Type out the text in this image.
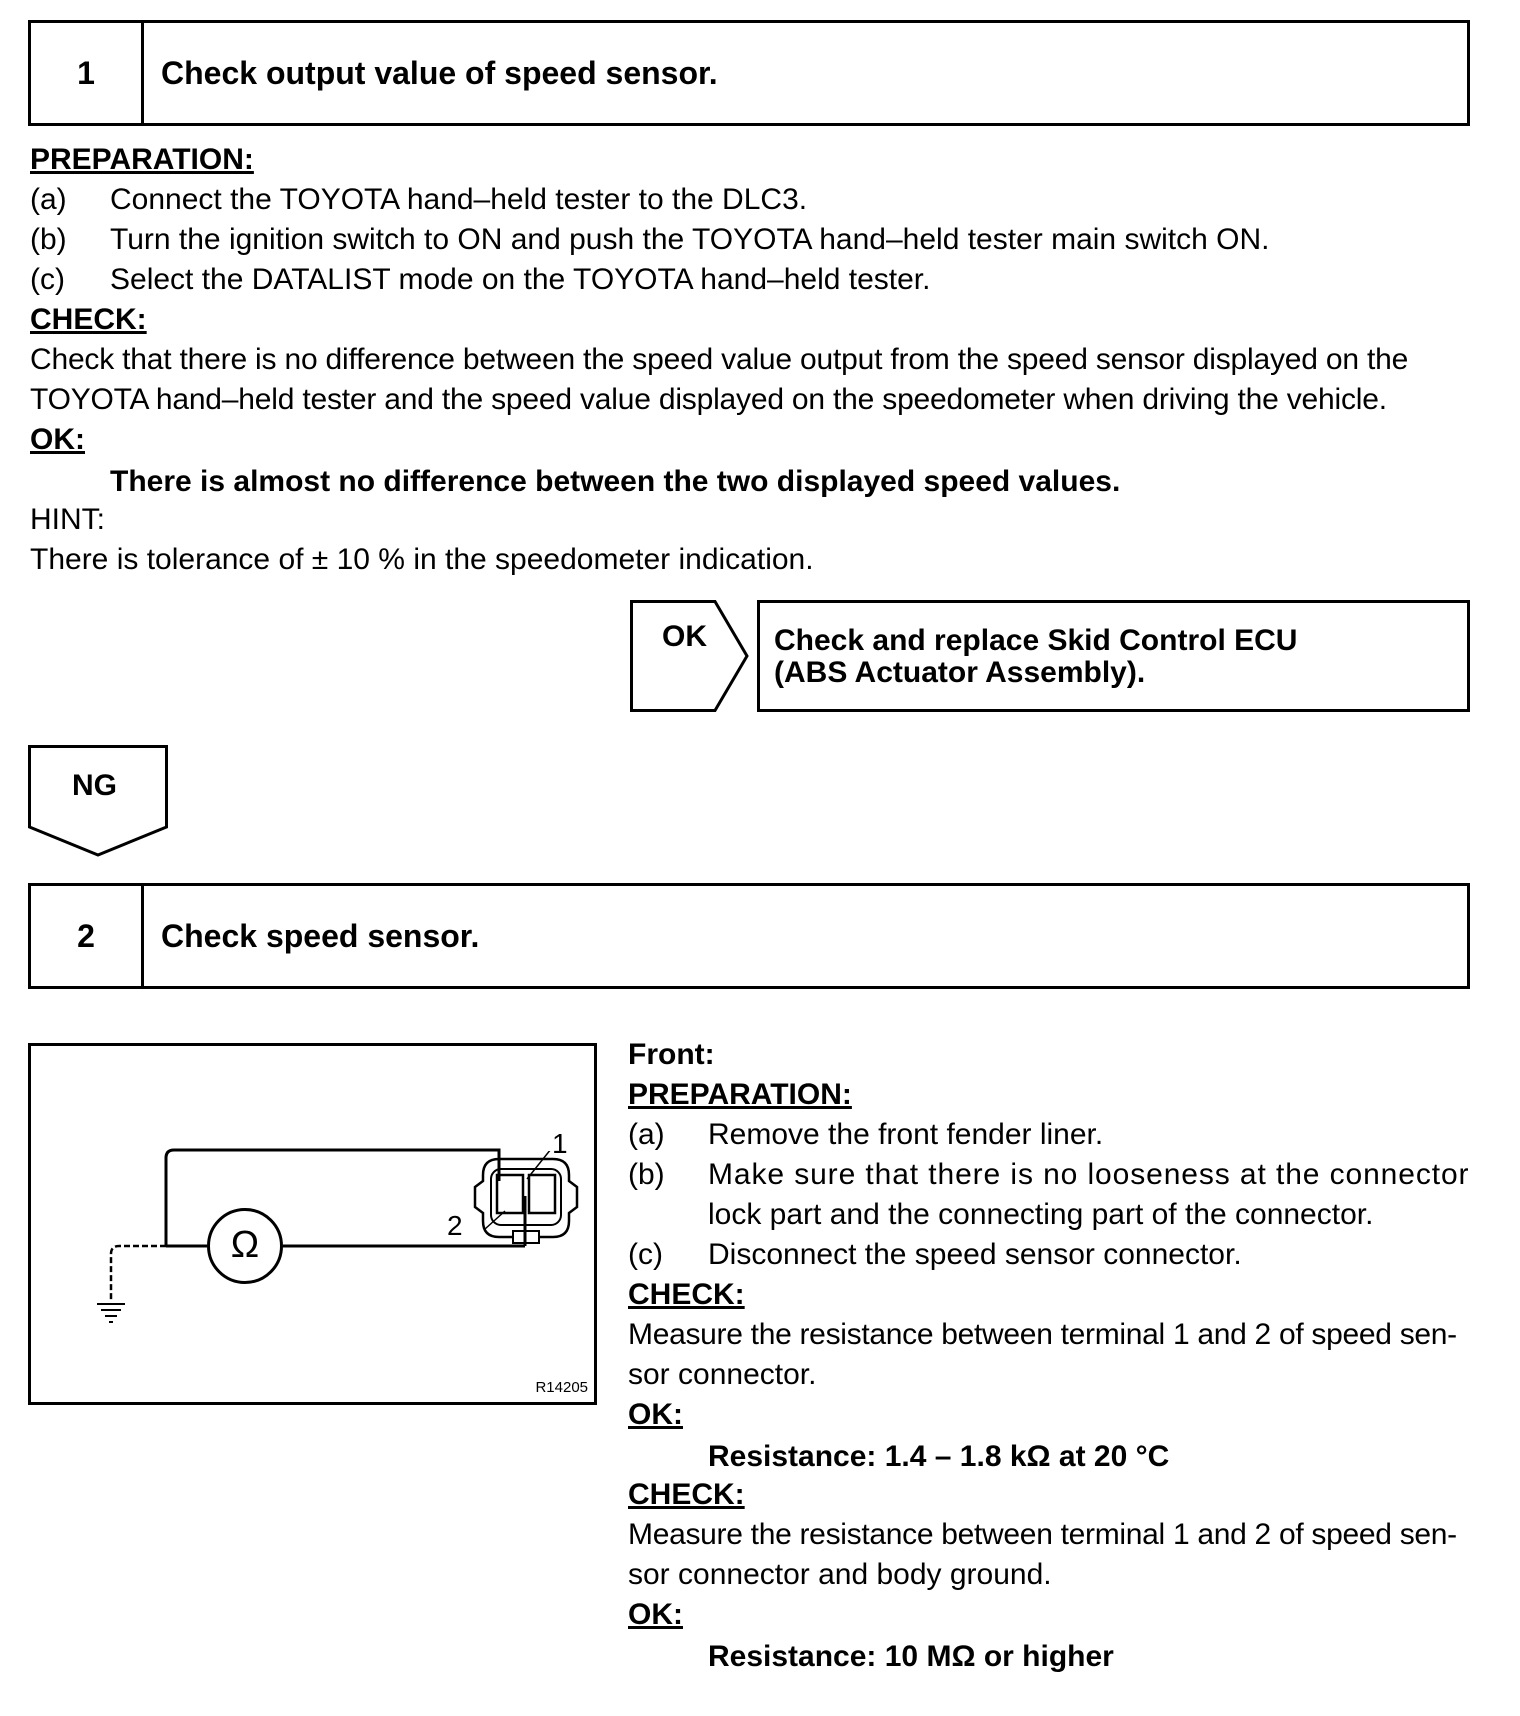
1	Check output value of speed sensor.
PREPARATION:
(a) Connect the TOYOTA hand–held tester to the DLC3.
(b) Turn the ignition switch to ON and push the TOYOTA hand–held tester main switch ON.
(c) Select the DATALIST mode on the TOYOTA hand–held tester.
CHECK:
Check that there is no difference between the speed value output from the speed sensor displayed on the
TOYOTA hand–held tester and the speed value displayed on the speedometer when driving the vehicle.
OK:
There is almost no difference between the two displayed speed values.
HINT:
There is tolerance of ± 10 % in the speedometer indication.
OK Check and replace Skid Control ECU
(ABS Actuator Assembly).
NG
2	Check speed sensor.
Ω
1
2
R14205
Front:
PREPARATION:
(a) Remove the front fender liner.
(b) Make sure that there is no looseness at the connector
lock part and the connecting part of the connector.
(c) Disconnect the speed sensor connector.
CHECK:
Measure the resistance between terminal 1 and 2 of speed sen-
sor connector.
OK:
Resistance: 1.4 – 1.8 kΩ at 20 °C
CHECK:
Measure the resistance between terminal 1 and 2 of speed sen-
sor connector and body ground.
OK:
Resistance: 10 MΩ or higher
